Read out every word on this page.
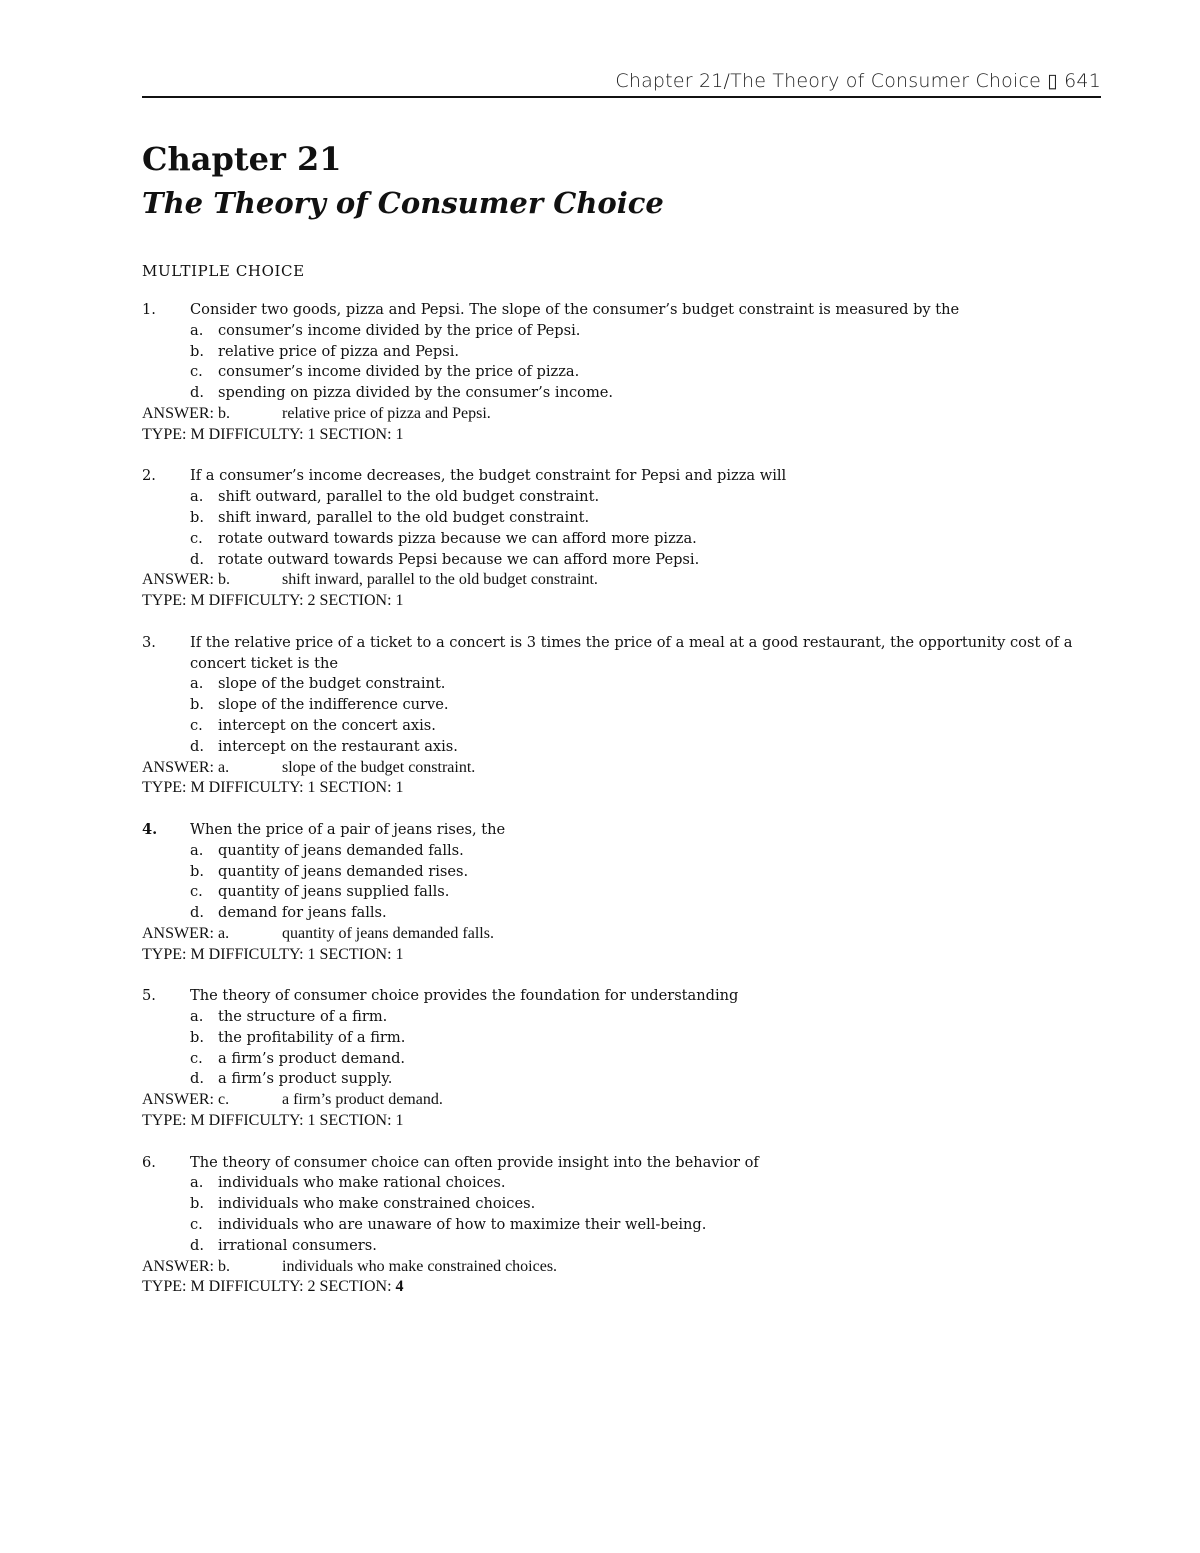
Chapter 21/The Theory of Consumer Choice ▯ 641
Chapter 21
The Theory of Consumer Choice
MULTIPLE CHOICE
1.	Consider two goods, pizza and Pepsi. The slope of the consumer’s budget constraint is measured by the
a. consumer’s income divided by the price of Pepsi.
b. relative price of pizza and Pepsi.
c. consumer’s income divided by the price of pizza.
d. spending on pizza divided by the consumer’s income.
ANSWER: b.	relative price of pizza and Pepsi.
TYPE: M DIFFICULTY: 1 SECTION: 1
2.	If a consumer’s income decreases, the budget constraint for Pepsi and pizza will
a. shift outward, parallel to the old budget constraint.
b. shift inward, parallel to the old budget constraint.
c. rotate outward towards pizza because we can afford more pizza.
d. rotate outward towards Pepsi because we can afford more Pepsi.
ANSWER: b.	shift inward, parallel to the old budget constraint.
TYPE: M DIFFICULTY: 2 SECTION: 1
3.	If the relative price of a ticket to a concert is 3 times the price of a meal at a good restaurant, the opportunity cost of a
concert ticket is the
a. slope of the budget constraint.
b. slope of the indifference curve.
c. intercept on the concert axis.
d. intercept on the restaurant axis.
ANSWER: a.	slope of the budget constraint.
TYPE: M DIFFICULTY: 1 SECTION: 1
4.	When the price of a pair of jeans rises, the
a. quantity of jeans demanded falls.
b. quantity of jeans demanded rises.
c. quantity of jeans supplied falls.
d. demand for jeans falls.
ANSWER: a.	quantity of jeans demanded falls.
TYPE: M DIFFICULTY: 1 SECTION: 1
5.	The theory of consumer choice provides the foundation for understanding
a. the structure of a firm.
b. the profitability of a firm.
c. a firm’s product demand.
d. a firm’s product supply.
ANSWER: c.	a firm’s product demand.
TYPE: M DIFFICULTY: 1 SECTION: 1
6.	The theory of consumer choice can often provide insight into the behavior of
a. individuals who make rational choices.
b. individuals who make constrained choices.
c. individuals who are unaware of how to maximize their well-being.
d. irrational consumers.
ANSWER: b.	individuals who make constrained choices.
TYPE: M DIFFICULTY: 2 SECTION: 4
